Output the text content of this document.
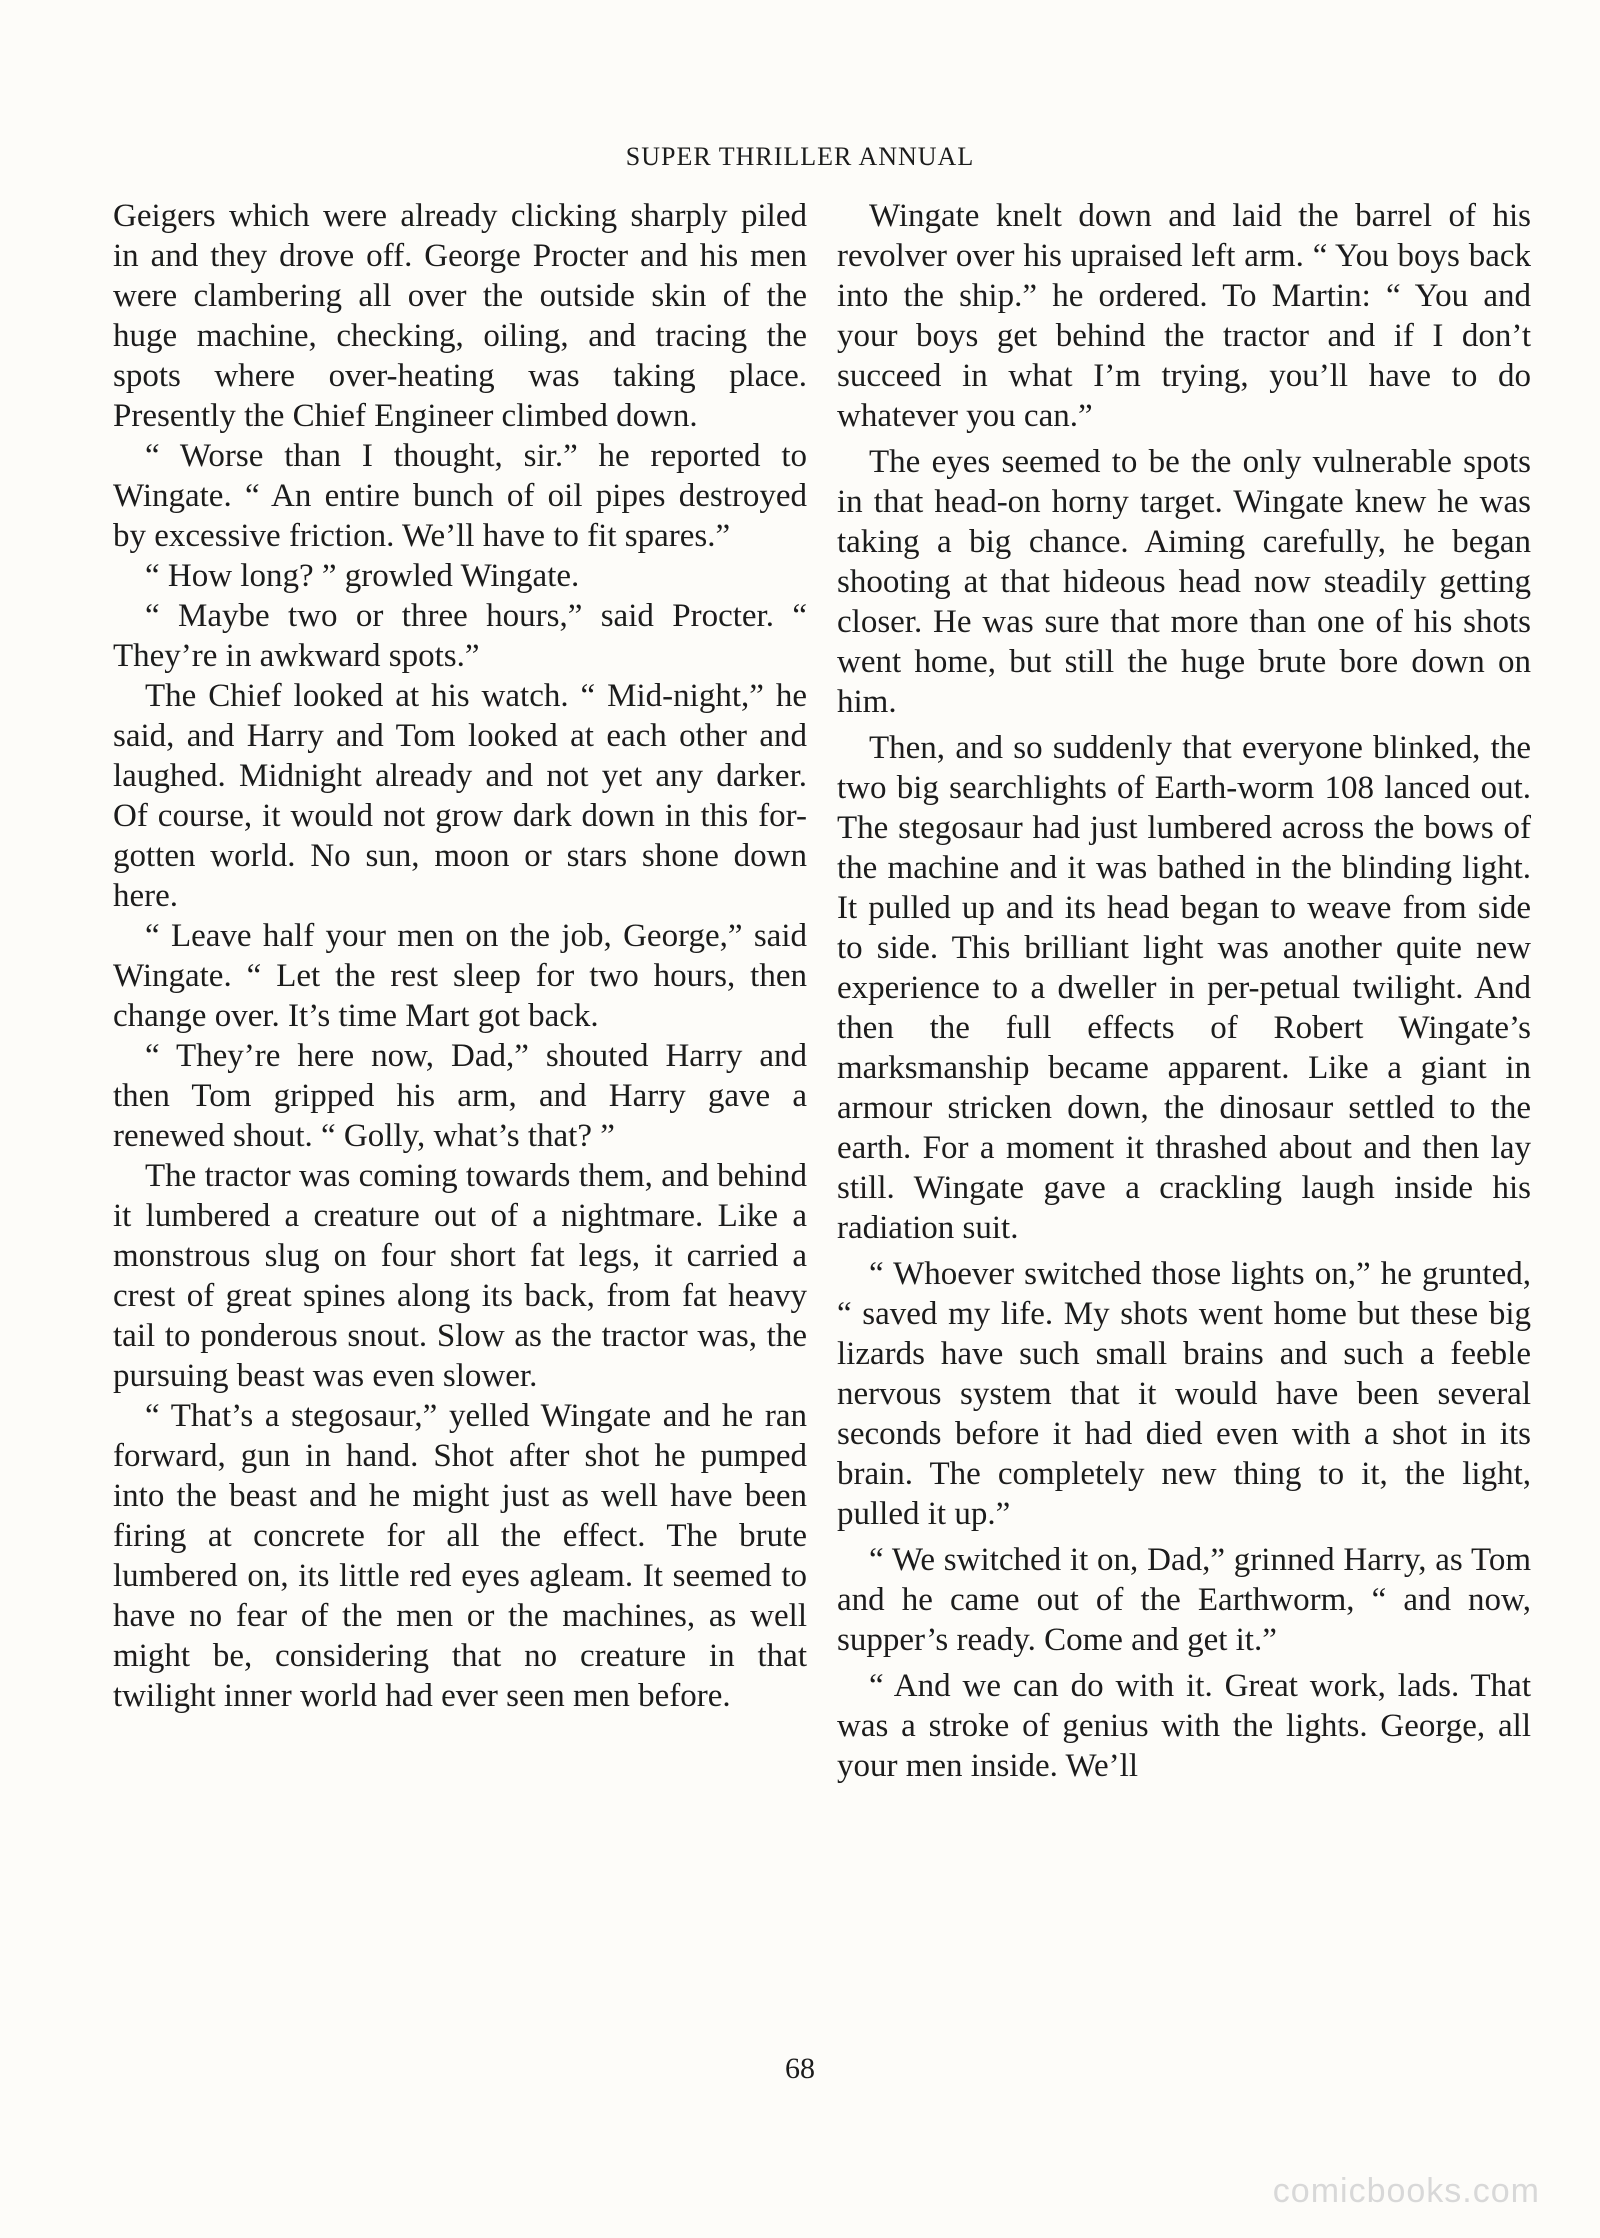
SUPER THRILLER ANNUAL

Geigers which were already clicking sharply piled in and they drove off. George Procter and his men were clambering all over the outside skin of the huge machine, checking, oiling, and tracing the spots where over-heating was taking place. Presently the Chief Engineer climbed down.

“ Worse than I thought, sir.” he reported to Wingate. “ An entire bunch of oil pipes destroyed by excessive friction. We’ll have to fit spares.”

“ How long? ” growled Wingate.

“ Maybe two or three hours,” said Procter. “ They’re in awkward spots.”

The Chief looked at his watch. “ Mid-night,” he said, and Harry and Tom looked at each other and laughed. Midnight already and not yet any darker. Of course, it would not grow dark down in this for-gotten world. No sun, moon or stars shone down here.

“ Leave half your men on the job, George,” said Wingate. “ Let the rest sleep for two hours, then change over. It’s time Mart got back.

“ They’re here now, Dad,” shouted Harry and then Tom gripped his arm, and Harry gave a renewed shout. “ Golly, what’s that? ”

The tractor was coming towards them, and behind it lumbered a creature out of a nightmare. Like a monstrous slug on four short fat legs, it carried a crest of great spines along its back, from fat heavy tail to ponderous snout. Slow as the tractor was, the pursuing beast was even slower.

“ That’s a stegosaur,” yelled Wingate and he ran forward, gun in hand. Shot after shot he pumped into the beast and he might just as well have been firing at concrete for all the effect. The brute lumbered on, its little red eyes agleam. It seemed to have no fear of the men or the machines, as well might be, considering that no creature in that twilight inner world had ever seen men before.

Wingate knelt down and laid the barrel of his revolver over his upraised left arm. “ You boys back into the ship.” he ordered. To Martin: “ You and your boys get behind the tractor and if I don’t succeed in what I’m trying, you’ll have to do whatever you can.”

The eyes seemed to be the only vulnerable spots in that head-on horny target. Wingate knew he was taking a big chance. Aiming carefully, he began shooting at that hideous head now steadily getting closer. He was sure that more than one of his shots went home, but still the huge brute bore down on him.

Then, and so suddenly that everyone blinked, the two big searchlights of Earth-worm 108 lanced out. The stegosaur had just lumbered across the bows of the machine and it was bathed in the blinding light. It pulled up and its head began to weave from side to side. This brilliant light was another quite new experience to a dweller in per-petual twilight. And then the full effects of Robert Wingate’s marksmanship became apparent. Like a giant in armour stricken down, the dinosaur settled to the earth. For a moment it thrashed about and then lay still. Wingate gave a crackling laugh inside his radiation suit.

“ Whoever switched those lights on,” he grunted, “ saved my life. My shots went home but these big lizards have such small brains and such a feeble nervous system that it would have been several seconds before it had died even with a shot in its brain. The completely new thing to it, the light, pulled it up.”

“ We switched it on, Dad,” grinned Harry, as Tom and he came out of the Earthworm, “ and now, supper’s ready. Come and get it.”

“ And we can do with it. Great work, lads. That was a stroke of genius with the lights. George, all your men inside. We’ll

68
comicbooks.com
